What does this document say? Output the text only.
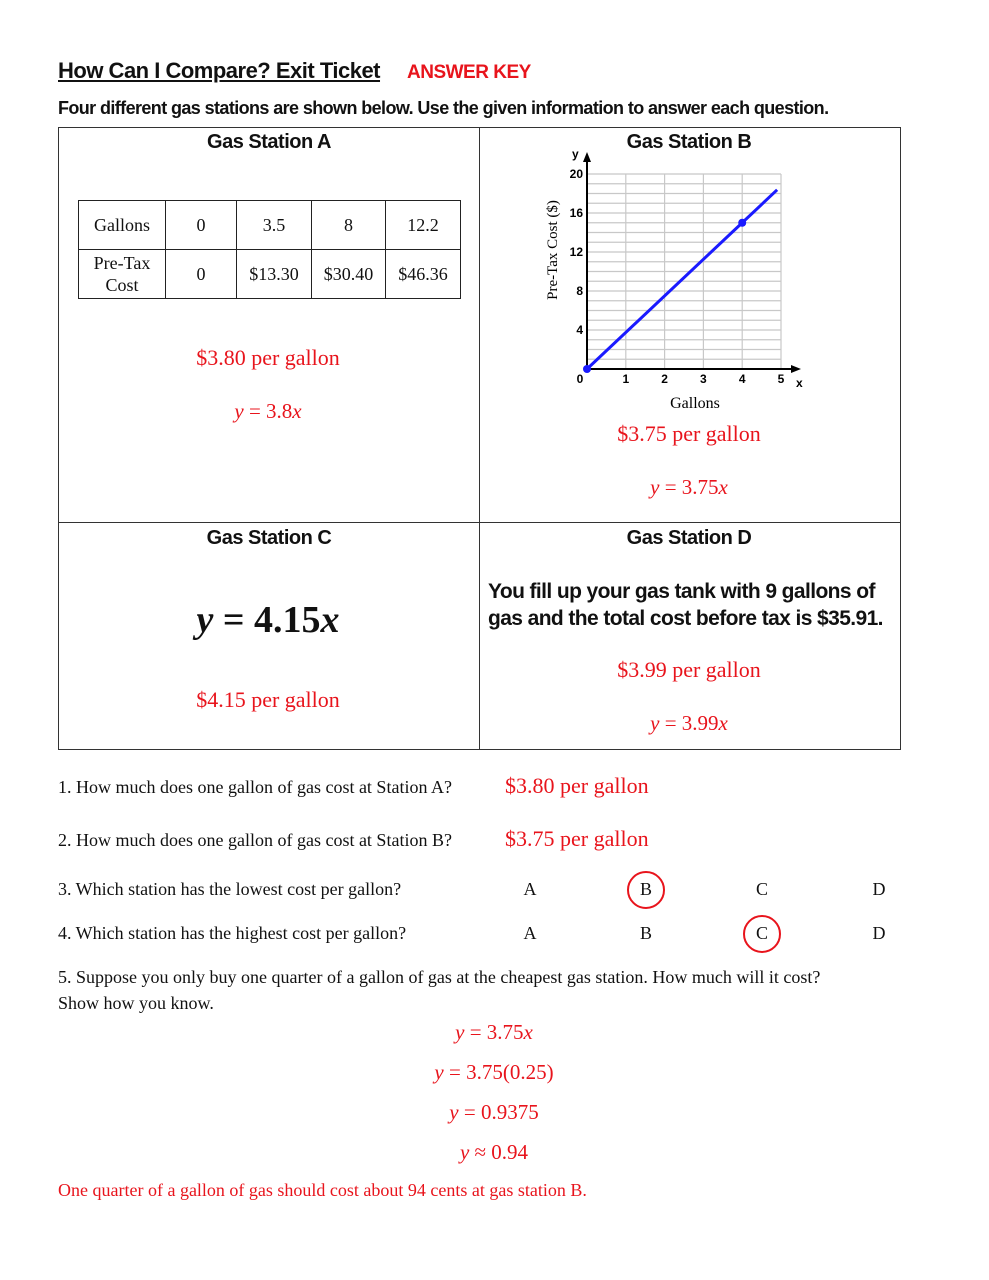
How Can I Compare? Exit Ticket ANSWER KEY
Four different gas stations are shown below. Use the given information to answer each question.
Gas Station A
Gallons	0	3.5	8	12.2
Pre-Tax Cost	0	$13.30	$30.40	$46.36
$3.80 per gallon
y = 3.8x
Gas Station B
Pre-Tax Cost ($)
Gallons
x
y
0	1	2	3	4	5
4
8
12
16
20
$3.75 per gallon
y = 3.75x
Gas Station C
y = 4.15x
$4.15 per gallon
Gas Station D
You fill up your gas tank with 9 gallons of gas and the total cost before tax is $35.91.
$3.99 per gallon
y = 3.99x
1. How much does one gallon of gas cost at Station A? $3.80 per gallon
2. How much does one gallon of gas cost at Station B? $3.75 per gallon
3. Which station has the lowest cost per gallon?	A	B	C	D
4. Which station has the highest cost per gallon?	A	B	C	D
5. Suppose you only buy one quarter of a gallon of gas at the cheapest gas station. How much will it cost?
Show how you know.
y = 3.75x
y = 3.75(0.25)
y = 0.9375
y ≈ 0.94
One quarter of a gallon of gas should cost about 94 cents at gas station B.
